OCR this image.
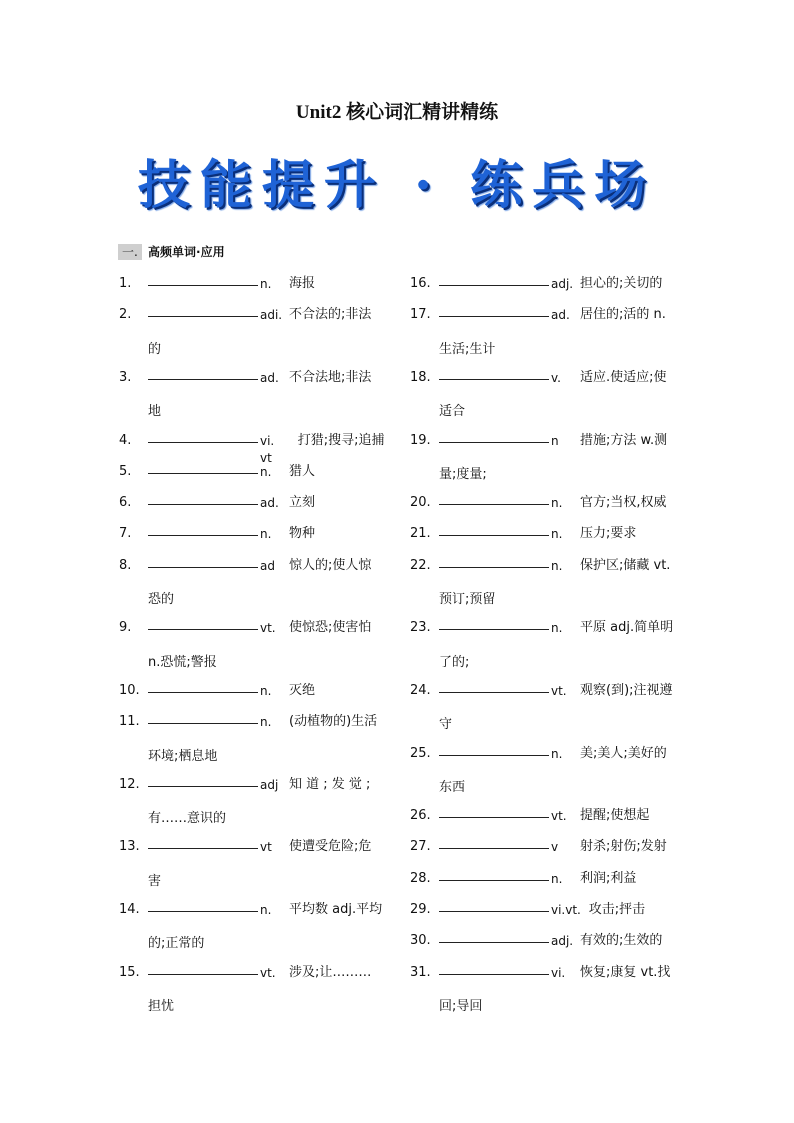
Unit2 核心词汇精讲精练
技能提升 · 练兵场
一. 高频单词·应用
1.	n. 海报
2.	adi. 不合法的;非法
的
3.	ad. 不合法地;非法
地
4.	vi. vt
打猎;搜寻;追捕
5.	n. 猎人
6.	ad. 立刻
7.	n. 物种
8.	ad 惊人的;使人惊
恐的
9.	vt. 使惊恐;使害怕
n.恐慌;警报
10.	n. 灭绝
11.	n. (动植物的)生活
环境;栖息地
12.	adj 知 道 ; 发 觉 ;
有……意识的
13.	vt 使遭受危险;危
害
14.	n. 平均数 adj.平均
的;正常的
15.	vt. 涉及;让………
担忧
16.	adj. 担心的;关切的
17.	ad. 居住的;活的 n.
生活;生计
18.	v. 适应.使适应;使
适合
19.	n 措施;方法 w.测
量;度量;
20.	n. 官方;当权,权威
21.	n. 压力;要求
22.	n. 保护区;储藏 vt.
预订;预留
23.	n. 平原 adj.简单明
了的;
24.	vt. 观察(到);注视遵
守
25.	n. 美;美人;美好的
东西
26.	vt. 提醒;使想起
27.	v 射杀;射伤;发射
28.	n. 利润;利益
29.	vi.vt. 攻击;抨击
30.	adj. 有效的;生效的
31.	vi. 恢复;康复 vt.找
回;导回
